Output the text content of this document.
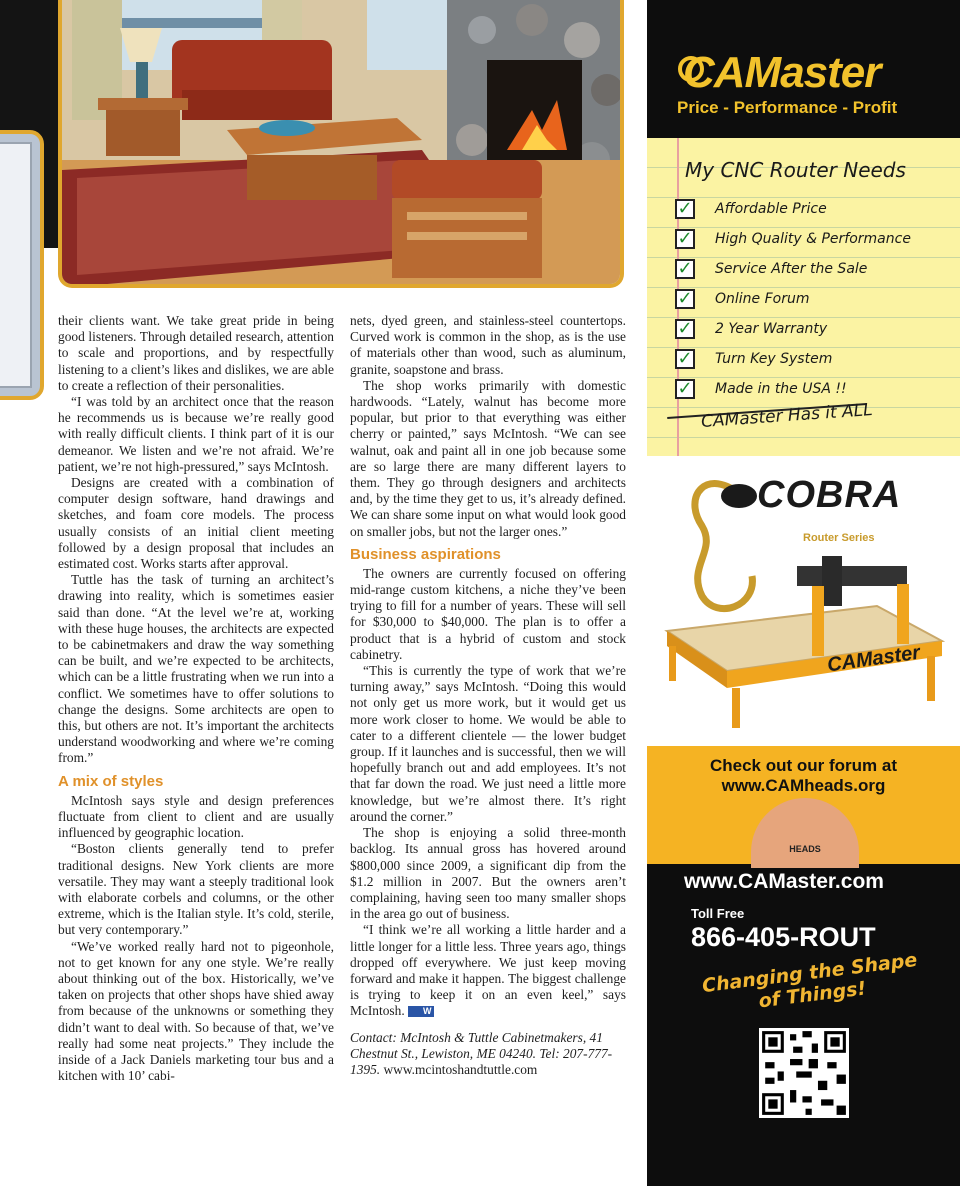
their clients want. We take great pride in being good listeners. Through detailed research, attention to scale and proportions, and by respectfully listening to a client’s likes and dislikes, we are able to create a reflection of their personalities.

“I was told by an architect once that the reason he recommends us is because we’re really good with really difficult clients. I think part of it is our demeanor. We listen and we’re not afraid. We’re patient, we’re not high-pressured,” says McIntosh.

Designs are created with a combination of computer design software, hand drawings and sketches, and foam core models. The process usually consists of an initial client meeting followed by a design proposal that includes an estimated cost. Works starts after approval.

Tuttle has the task of turning an architect’s drawing into reality, which is sometimes easier said than done. “At the level we’re at, working with these huge houses, the architects are expected to be cabinetmakers and draw the way something can be built, and we’re expected to be architects, which can be a little frustrating when we run into a conflict. We sometimes have to offer solutions to change the designs. Some architects are open to this, but others are not. It’s important the architects understand woodworking and where we’re coming from.”

A mix of styles

McIntosh says style and design preferences fluctuate from client to client and are usually influenced by geographic location.

“Boston clients generally tend to prefer traditional designs. New York clients are more versatile. They may want a steeply traditional look with elaborate corbels and columns, or the other extreme, which is the Italian style. It’s cold, sterile, but very contemporary.”

“We’ve worked really hard not to pigeonhole, not to get known for any one style. We’re really about thinking out of the box. Historically, we’ve taken on projects that other shops have shied away from because of the unknowns or something they didn’t want to deal with. So because of that, we’ve really had some neat projects.” They include the inside of a Jack Daniels marketing tour bus and a kitchen with 10’ cabi-

nets, dyed green, and stainless-steel countertops. Curved work is common in the shop, as is the use of materials other than wood, such as aluminum, granite, soapstone and brass.

The shop works primarily with domestic hardwoods. “Lately, walnut has become more popular, but prior to that everything was either cherry or painted,” says McIntosh. “We can see walnut, oak and paint all in one job because some are so large there are many different layers to them. They go through designers and architects and, by the time they get to us, it’s already defined. We can share some input on what would look good on smaller jobs, but not the larger ones.”

Business aspirations

The owners are currently focused on offering mid-range custom kitchens, a niche they’ve been trying to fill for a number of years. These will sell for $30,000 to $40,000. The plan is to offer a product that is a hybrid of custom and stock cabinetry.

“This is currently the type of work that we’re turning away,” says McIntosh. “Doing this would not only get us more work, but it would get us more work closer to home. We would be able to cater to a different clientele — the lower budget group. If it launches and is successful, then we will hopefully branch out and add employees. It’s not that far down the road. We just need a little more knowledge, but we’re almost there. It’s right around the corner.”

The shop is enjoying a solid three-month backlog. Its annual gross has hovered around $800,000 since 2009, a significant dip from the $1.2 million in 2007. But the owners aren’t complaining, having seen too many smaller shops in the area go out of business.

“I think we’re all working a little harder and a little longer for a little less. Three years ago, things dropped off everywhere. We just keep moving forward and make it happen. The biggest challenge is trying to keep it on an even keel,” says McIntosh. W

Contact: McIntosh & Tuttle Cabinetmakers, 41 Chestnut St., Lewiston, ME 04240. Tel: 207-777-1395. www.mcintoshandtuttle.com

CAMaster
Price - Performance - Profit
My CNC Router Needs
✓ Affordable Price
✓ High Quality & Performance
✓ Service After the Sale
✓ Online Forum
✓ 2 Year Warranty
✓ Turn Key System
✓ Made in the USA !!
CAMaster Has it ALL
COBRA
Router Series
CAMaster
Check out our forum at
www.CAMheads.org
HEADS
www.CAMaster.com
Toll Free
866-405-ROUT
Changing the Shape of Things!
